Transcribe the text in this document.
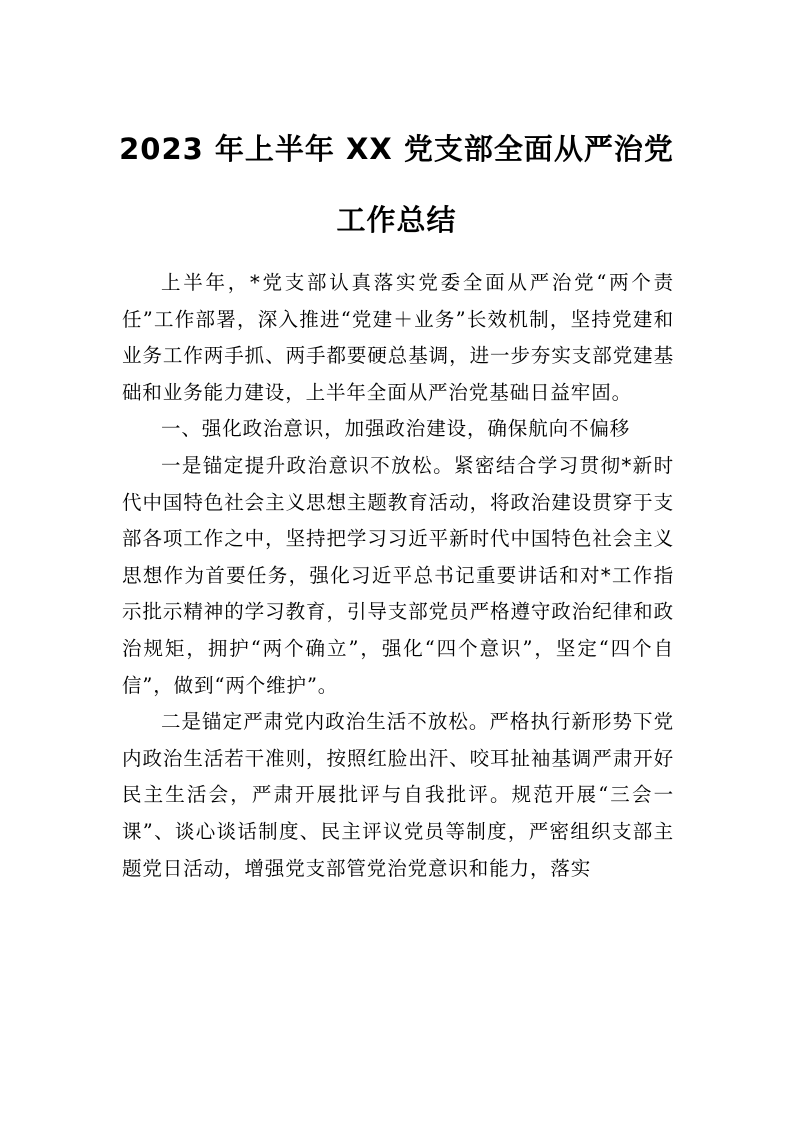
2023 年上半年 XX 党支部全面从严治党
工作总结

上半年，*党支部认真落实党委全面从严治党“两个责任”工作部署，深入推进“党建＋业务”长效机制，坚持党建和业务工作两手抓、两手都要硬总基调，进一步夯实支部党建基础和业务能力建设，上半年全面从严治党基础日益牢固。

一、强化政治意识，加强政治建设，确保航向不偏移

一是锚定提升政治意识不放松。紧密结合学习贯彻*新时代中国特色社会主义思想主题教育活动，将政治建设贯穿于支部各项工作之中，坚持把学习习近平新时代中国特色社会主义思想作为首要任务，强化习近平总书记重要讲话和对*工作指示批示精神的学习教育，引导支部党员严格遵守政治纪律和政治规矩，拥护“两个确立”，强化“四个意识”，坚定“四个自信”，做到“两个维护”。

二是锚定严肃党内政治生活不放松。严格执行新形势下党内政治生活若干准则，按照红脸出汗、咬耳扯袖基调严肃开好民主生活会，严肃开展批评与自我批评。规范开展“三会一课”、谈心谈话制度、民主评议党员等制度，严密组织支部主题党日活动，增强党支部管党治党意识和能力，落实
